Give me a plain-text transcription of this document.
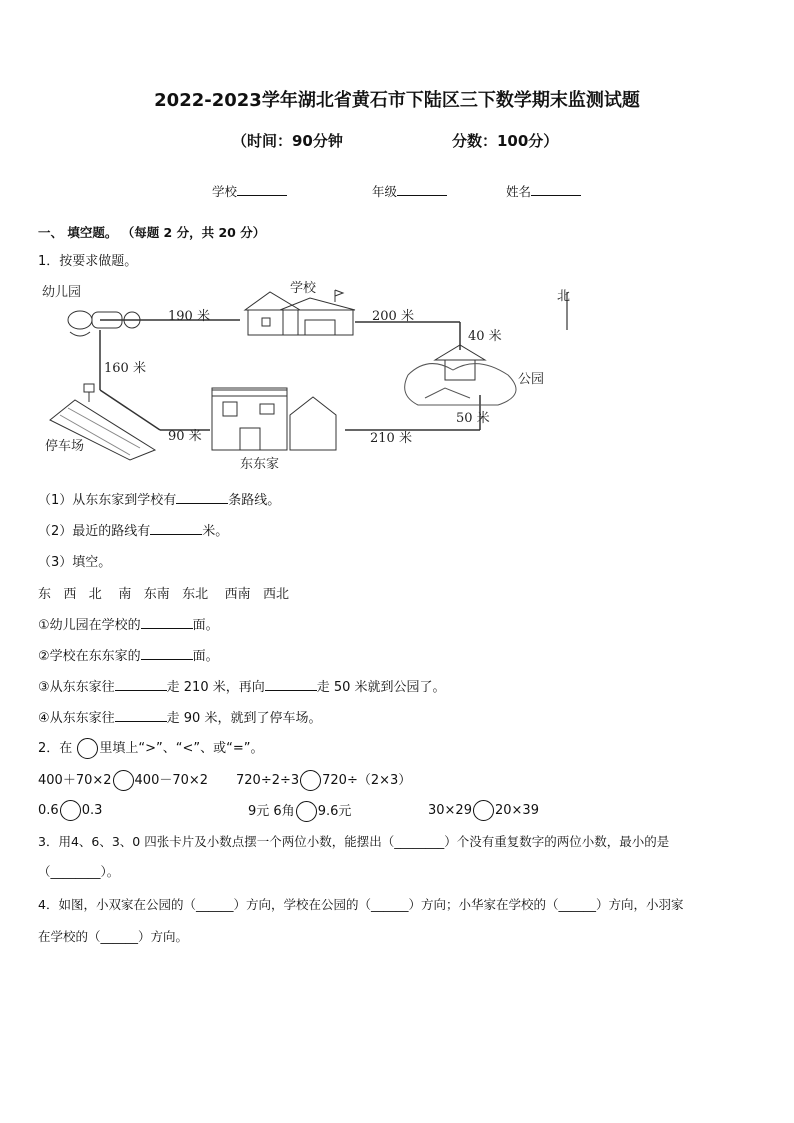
2022-2023学年湖北省黄石市下陆区三下数学期末监测试题
（时间：90分钟	分数：100分）
学校	年级	姓名
一、 填空题。 （每题 2 分，共 20 分）
1．按要求做题。
幼儿园	学校
北
公园
停车场
东东家
190 米	200 米
40 米
160 米
50 米
90 米	210 米
（1）从东东家到学校有	条路线。
（2）最近的路线有	米。
（3）填空。
东   西   北    南   东南   东北    西南   西北
①幼儿园在学校的	面。
②学校在东东家的	面。
③从东东家往	走 210 米，再向	走 50 米就到公园了。
④从东东家往	走 90 米，就到了停车场。
2．在 里填上“>”、“<”、或“=”。
400＋70×2 400－70×2 720÷2÷3 720÷（2×3）
0.6 0.3	9元 6角 9.6元	30×29 20×39
3．用4、6、3、0 四张卡片及小数点摆一个两位小数，能摆出（________）个没有重复数字的两位小数，最小的是
（________）。
4．如图，小双家在公园的（______）方向，学校在公园的（______）方向；小华家在学校的（______）方向，小羽家
在学校的（______）方向。
